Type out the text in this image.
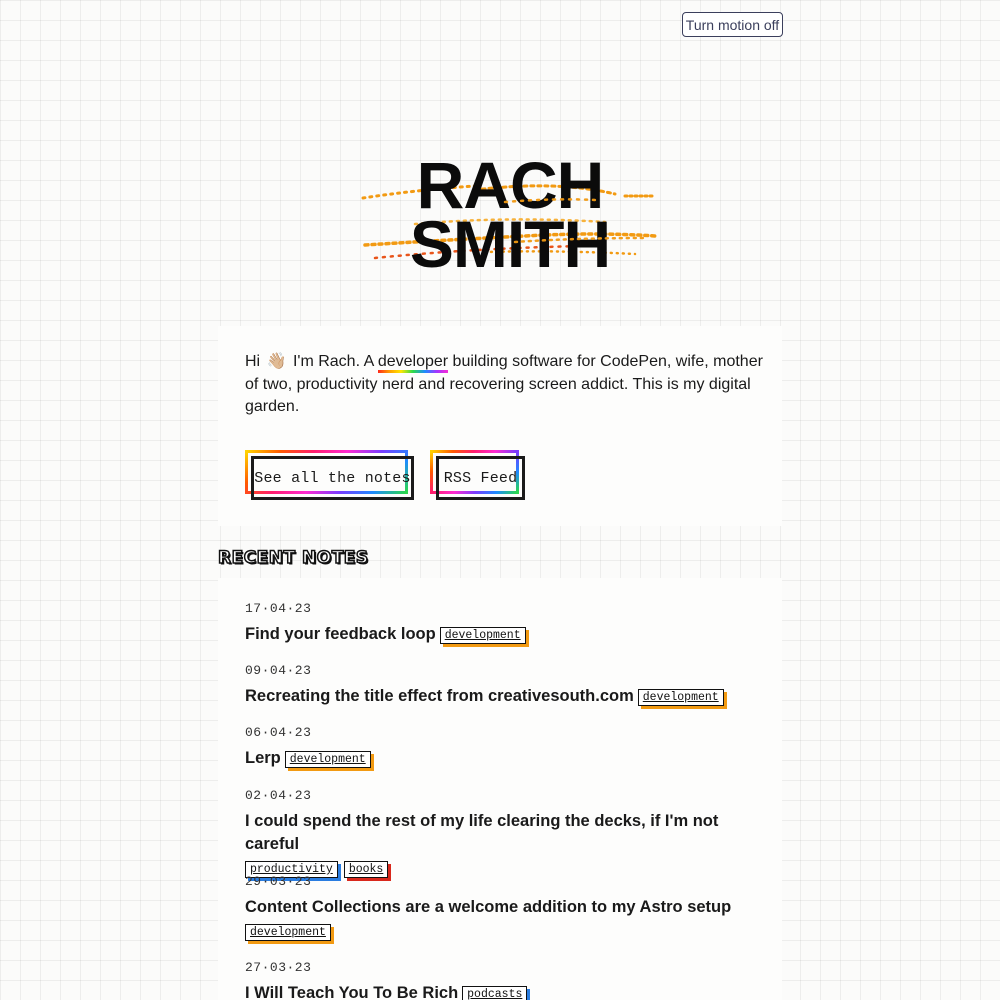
Turn motion off
RACH
SMITH

Hi 👋🏼 I'm Rach. A developer building software for CodePen, wife, mother of two, productivity nerd and recovering screen addict. This is my digital garden.

See all the notes	RSS Feed
RECENT NOTES
17·04·23
Find your feedback loop development
09·04·23
Recreating the title effect from creativesouth.com development
06·04·23
Lerp development
02·04·23
I could spend the rest of my life clearing the decks, if I'm not careful
productivity books
29·03·23
Content Collections are a welcome addition to my Astro setup
development
27·03·23
I Will Teach You To Be Rich podcasts
